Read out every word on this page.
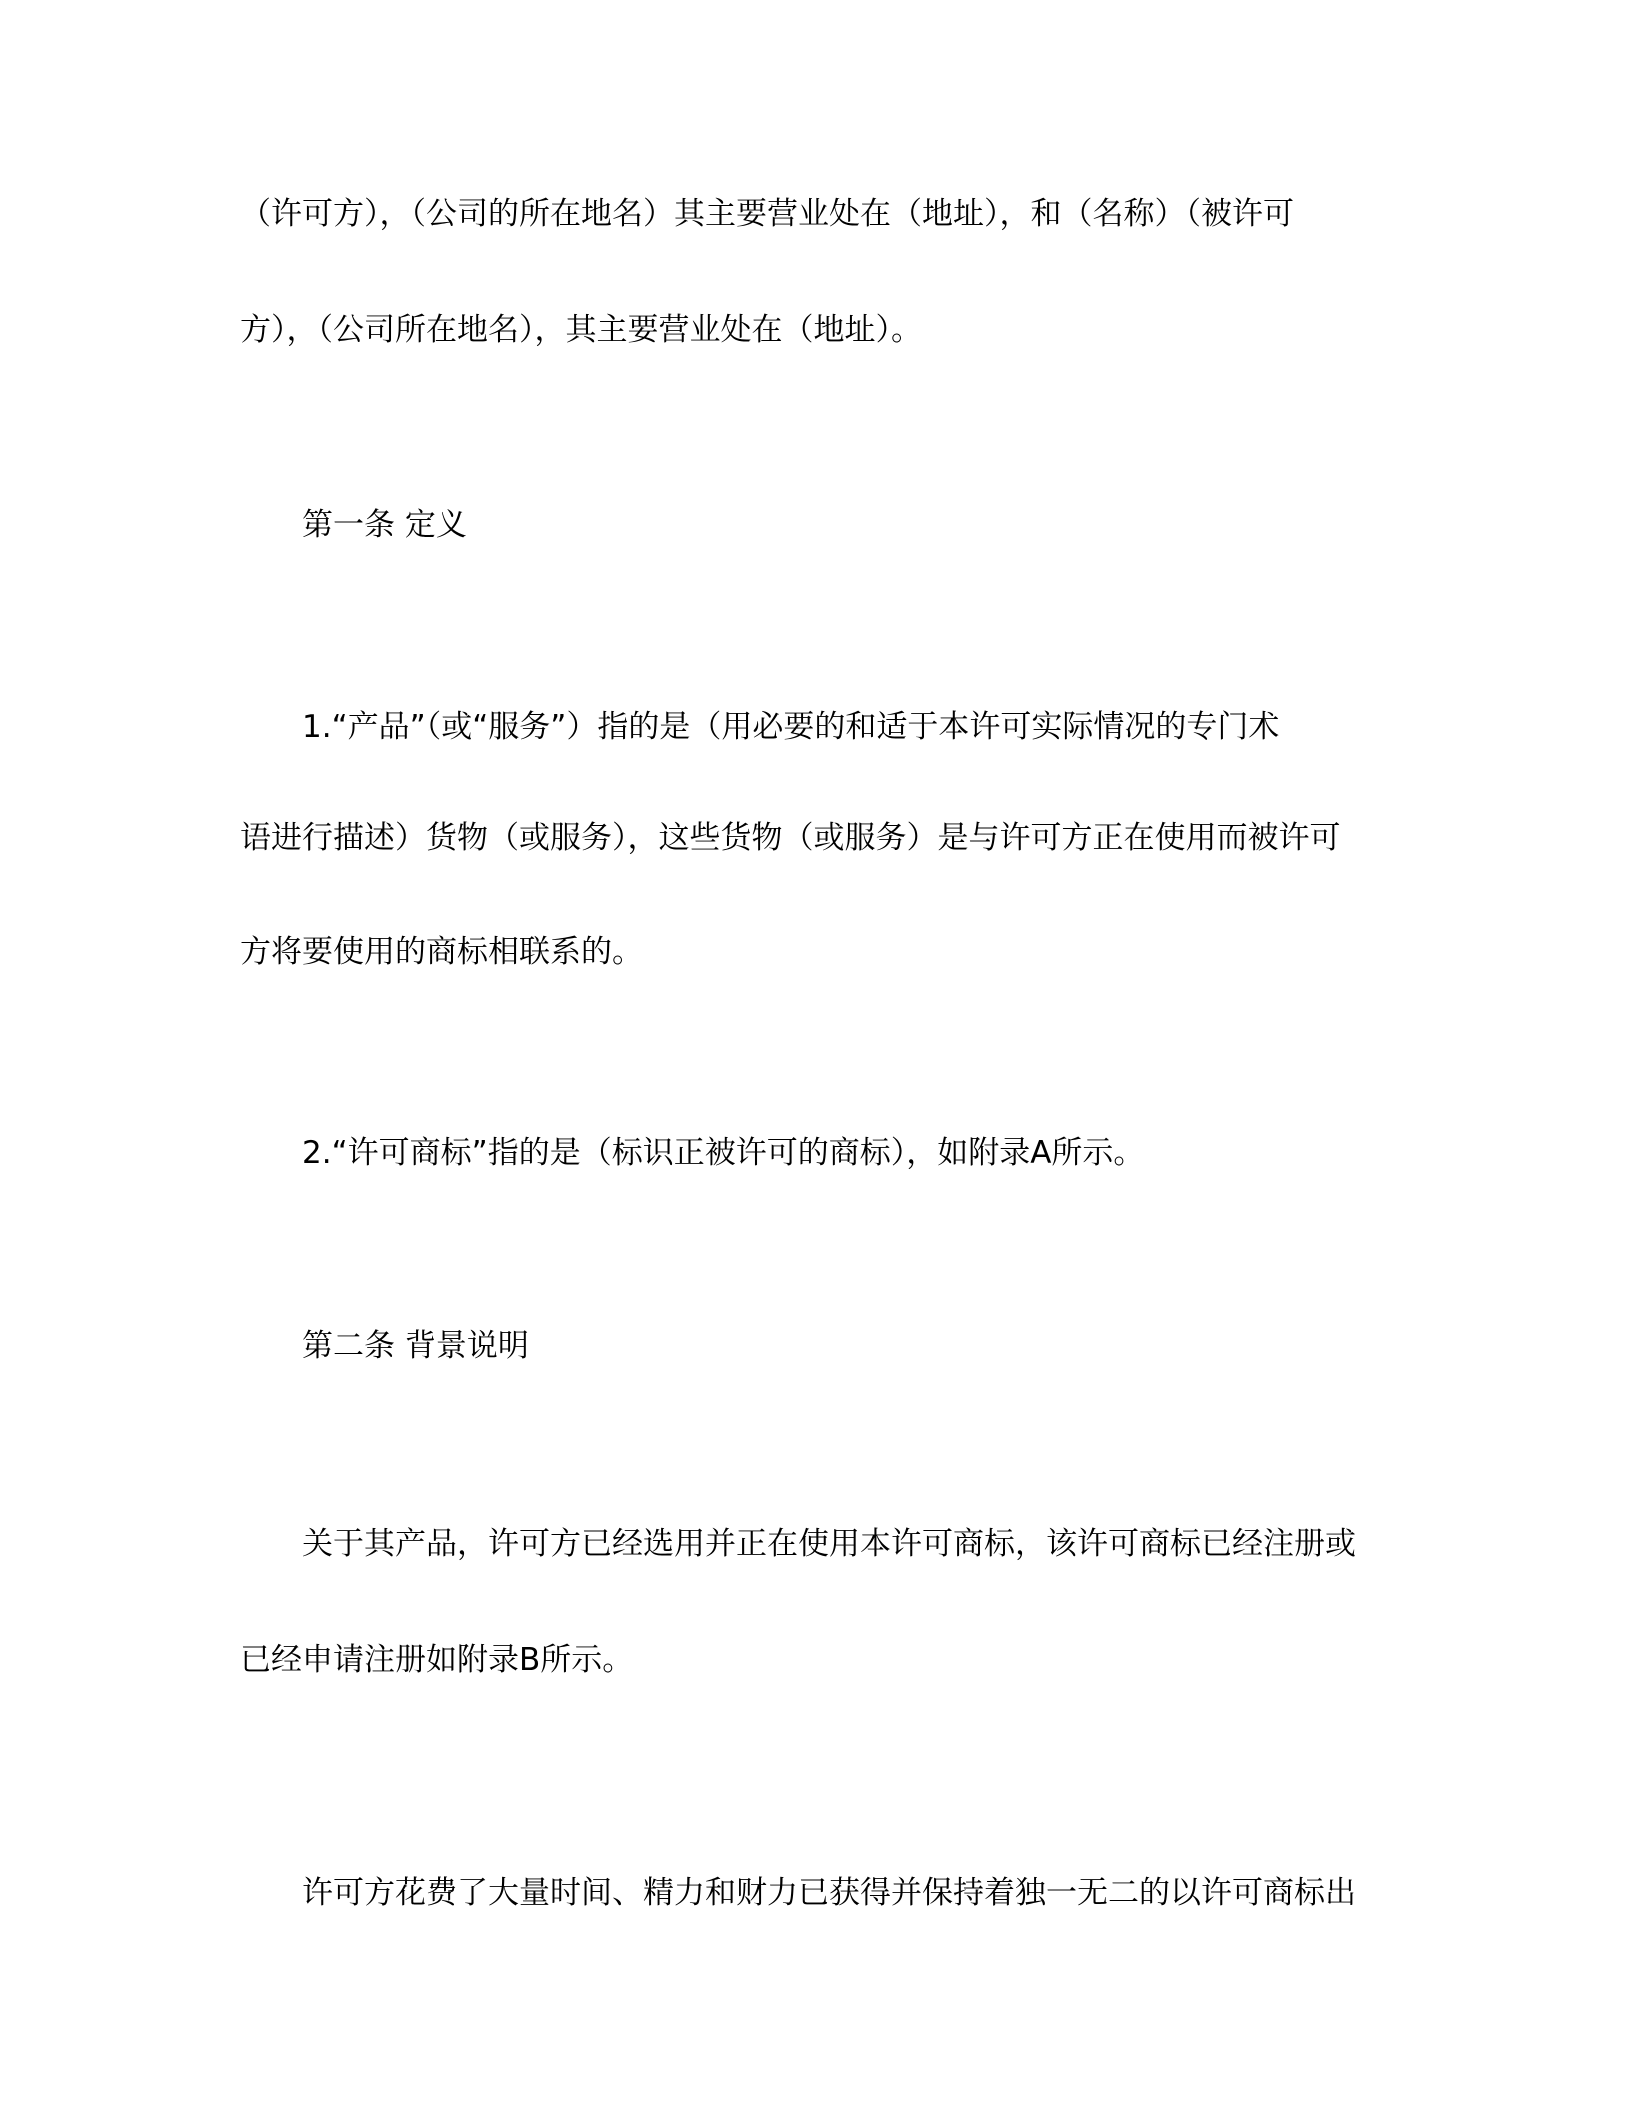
（许可方），（公司的所在地名）其主要营业处在（地址），和（名称）（被许可
方），（公司所在地名），其主要营业处在（地址）。
第一条 定义
1.“产品”（或“服务”）指的是（用必要的和适于本许可实际情况的专门术
语进行描述）货物（或服务），这些货物（或服务）是与许可方正在使用而被许可
方将要使用的商标相联系的。
2.“许可商标”指的是（标识正被许可的商标），如附录A所示。
第二条 背景说明
关于其产品，许可方已经选用并正在使用本许可商标，该许可商标已经注册或
已经申请注册如附录B所示。
许可方花费了大量时间、精力和财力已获得并保持着独一无二的以许可商标出
